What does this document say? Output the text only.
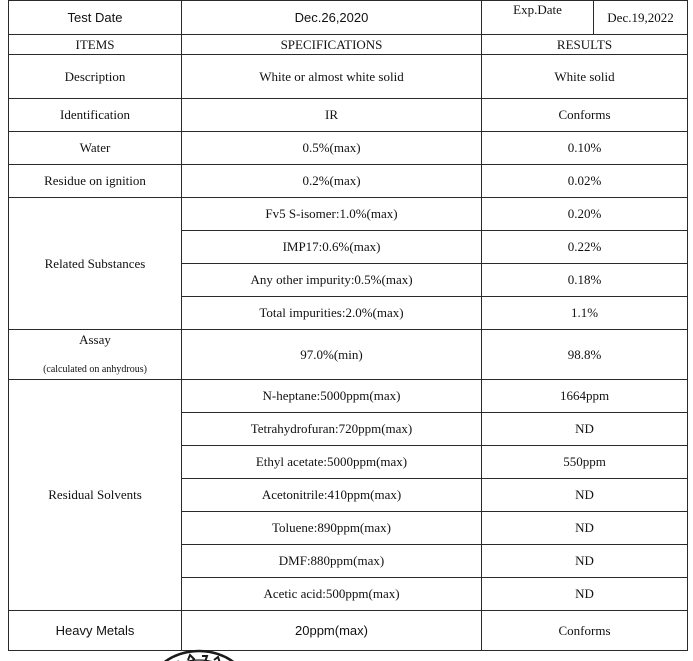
Test Date	Dec.26,2020	Exp.Date	Dec.19,2022
ITEMS	SPECIFICATIONS	RESULTS	
Description	White or almost white solid	White solid	
Identification	IR	Conforms	
Water	0.5%(max)	0.10%	
Residue on ignition	0.2%(max)	0.02%	
Related Substances	Fv5 S-isomer:1.0%(max)	0.20%	
	IMP17:0.6%(max)	0.22%	
	Any other impurity:0.5%(max)	0.18%	
	Total impurities:2.0%(max)	1.1%	
Assay
(calculated on anhydrous)	97.0%(min)	98.8%	
Residual Solvents	N-heptane:5000ppm(max)	1664ppm	
	Tetrahydrofuran:720ppm(max)	ND	
	Ethyl acetate:5000ppm(max)	550ppm	
	Acetonitrile:410ppm(max)	ND	
	Toluene:890ppm(max)	ND	
	DMF:880ppm(max)	ND	
	Acetic acid:500ppm(max)	ND	
Heavy Metals	20ppm(max)	Conforms	
